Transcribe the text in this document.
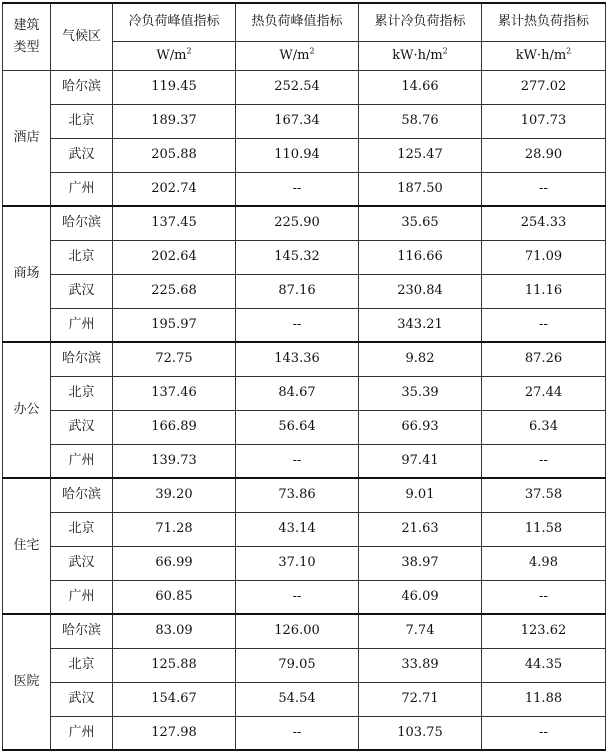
建筑类型	气候区	冷负荷峰值指标	热负荷峰值指标	累计冷负荷指标	累计热负荷指标
		$W/m^2$	$W/m^2$	$kW\cdot h/m^2$	$kW\cdot h/m^2$
酒店	哈尔滨	119.45	252.54	14.66	277.02
	北京	189.37	167.34	58.76	107.73
	武汉	205.88	110.94	125.47	28.90
	广州	202.74	--	187.50	--
商场	哈尔滨	137.45	225.90	35.65	254.33
	北京	202.64	145.32	116.66	71.09
	武汉	225.68	87.16	230.84	11.16
	广州	195.97	--	343.21	--
办公	哈尔滨	72.75	143.36	9.82	87.26
	北京	137.46	84.67	35.39	27.44
	武汉	166.89	56.64	66.93	6.34
	广州	139.73	--	97.41	--
住宅	哈尔滨	39.20	73.86	9.01	37.58
	北京	71.28	43.14	21.63	11.58
	武汉	66.99	37.10	38.97	4.98
	广州	60.85	--	46.09	--
医院	哈尔滨	83.09	126.00	7.74	123.62
	北京	125.88	79.05	33.89	44.35
	武汉	154.67	54.54	72.71	11.88
	广州	127.98	--	103.75	--
